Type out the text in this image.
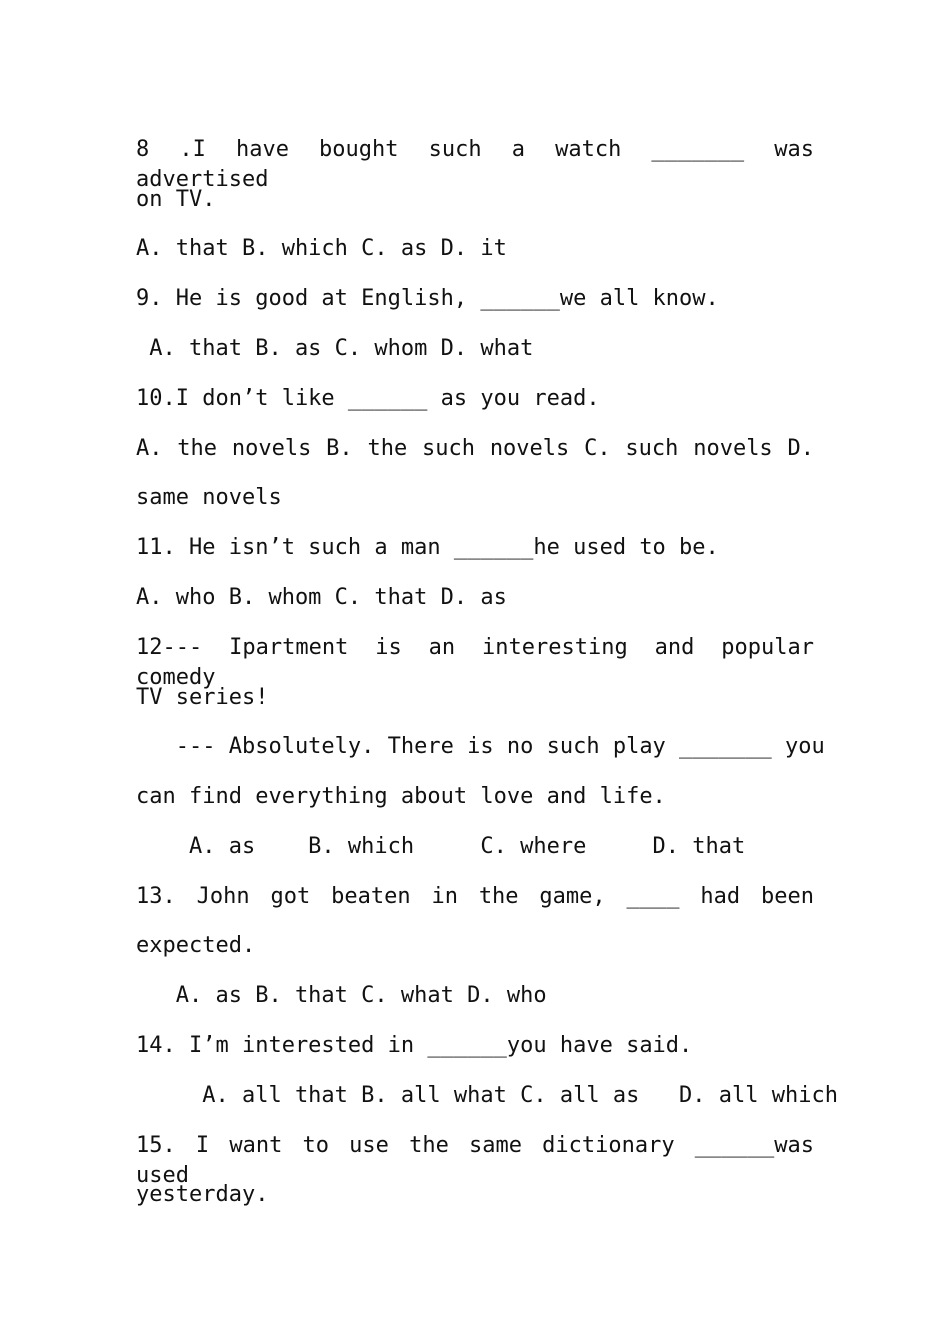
8 .I have bought such a watch _______ was advertised
on TV.
A. that B. which C. as D. it
9. He is good at English, ______we all know.
A. that B. as C. whom D. what
10.I don’t like ______ as you read.
A. the novels B. the such novels C. such novels D.
same novels
11. He isn’t such a man ______he used to be.
A. who B. whom C. that D. as
12--- Ipartment is an interesting and popular comedy
TV series!
--- Absolutely. There is no such play _______ you
can find everything about love and life.
A. as    B. which     C. where     D. that
13. John got beaten in the game, ____ had been
expected.
A. as B. that C. what D. who
14. I’m interested in ______you have said.
A. all that B. all what C. all as   D. all which
15. I want to use the same dictionary ______was used
yesterday.
